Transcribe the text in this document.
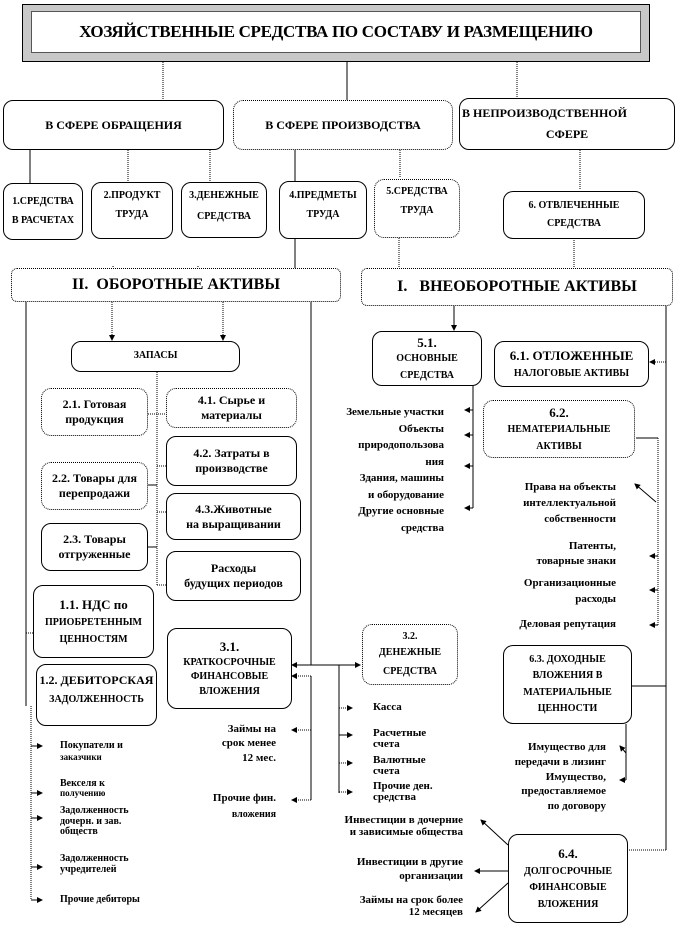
ХОЗЯЙСТВЕННЫЕ СРЕДСТВА ПО СОСТАВУ И РАЗМЕЩЕНИЮ
В СФЕРЕ ОБРАЩЕНИЯ	В СФЕРЕ ПРОИЗВОДСТВА
В НЕПРОИЗВОДСТВЕННОЙ
СФЕРЕ
1.СРЕДСТВА
В РАСЧЕТАХ
2.ПРОДУКТ
ТРУДА
3.ДЕНЕЖНЫЕ
СРЕДСТВА
4.ПРЕДМЕТЫ
ТРУДА
5.СРЕДСТВА
ТРУДА	6. ОТВЛЕЧЕННЫЕ
СРЕДСТВА
II.  ОБОРОТНЫЕ АКТИВЫ	I.   ВНЕОБОРОТНЫЕ АКТИВЫ
ЗАПАСЫ
2.1. Готовая
продукция
4.1. Сырье и
материалы
4.2. Затраты в
производстве
2.2. Товары для
перепродажи
4.3.Животные
на выращивании
2.3. Товары
отгруженные
Расходы
будущих периодов
1.1. НДС по
ПРИОБРЕТЕННЫМ
ЦЕННОСТЯМ
1.2. ДЕБИТОРСКАЯ
ЗАДОЛЖЕННОСТЬ
Покупатели и
заказчики
Векселя к
получению
Задолженность
дочерн. и зав.
обществ
Задолженность
учредителей
Прочие дебиторы
3.1.
КРАТКОСРОЧНЫЕ
ФИНАНСОВЫЕ
ВЛОЖЕНИЯ
Займы на
срок менее
12 мес.
Прочие фин.
вложения
3.2.
ДЕНЕЖНЫЕ
СРЕДСТВА
Касса
Расчетные
счета
Валютные
счета
Прочие ден.
средства
5.1.
ОСНОВНЫЕ
СРЕДСТВА
Земельные участки
Объекты
природопользова
ния
Здания, машины
и оборудование
Другие основные
средства
6.1. ОТЛОЖЕННЫЕ
НАЛОГОВЫЕ АКТИВЫ
6.2.
НЕМАТЕРИАЛЬНЫЕ
АКТИВЫ
Права на объекты
интеллектуальной
собственности
Патенты,
товарные знаки
Организационные
расходы
Деловая репутация
6.3. ДОХОДНЫЕ
ВЛОЖЕНИЯ В
МАТЕРИАЛЬНЫЕ
ЦЕННОСТИ
Имущество для
передачи в лизинг
Имущество,
предоставляемое
по договору
6.4.
ДОЛГОСРОЧНЫЕ
ФИНАНСОВЫЕ
ВЛОЖЕНИЯ
Инвестиции в дочерние
и зависимые общества
Инвестиции в другие
организации
Займы на срок более
12 месяцев
